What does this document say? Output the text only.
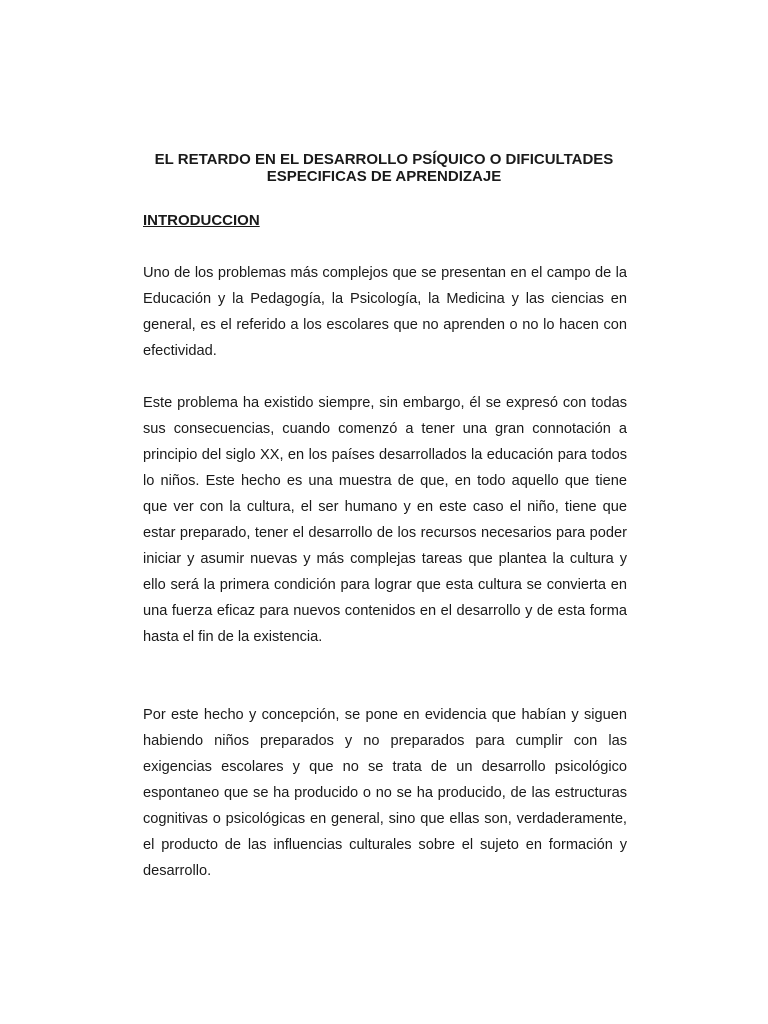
EL RETARDO EN EL DESARROLLO PSÍQUICO O DIFICULTADES
ESPECIFICAS DE APRENDIZAJE
INTRODUCCION

Uno de los problemas más complejos que se presentan en el campo de la Educación y la Pedagogía, la Psicología, la Medicina y las ciencias en general, es el referido a los escolares que no aprenden o no lo hacen con efectividad.

Este problema ha existido siempre, sin embargo, él se expresó con todas sus consecuencias, cuando comenzó a tener una gran connotación a principio del siglo XX, en los países desarrollados la educación para todos lo niños. Este hecho es una muestra de que, en todo aquello que tiene que ver con la cultura, el ser humano y en este caso el niño, tiene que estar preparado, tener el desarrollo de los recursos necesarios para poder iniciar y asumir nuevas y más complejas tareas que plantea la cultura y ello será la primera condición para lograr que esta cultura se convierta en una fuerza eficaz para nuevos contenidos en el desarrollo y de esta forma hasta el fin de la existencia.

Por este hecho y concepción, se pone en evidencia que habían y siguen habiendo niños preparados y no preparados para cumplir con las exigencias escolares y que no se trata de un desarrollo psicológico espontaneo que se ha producido o no se ha producido, de las estructuras cognitivas o psicológicas en general, sino que ellas son, verdaderamente, el producto de las influencias culturales sobre el sujeto en formación y desarrollo.
